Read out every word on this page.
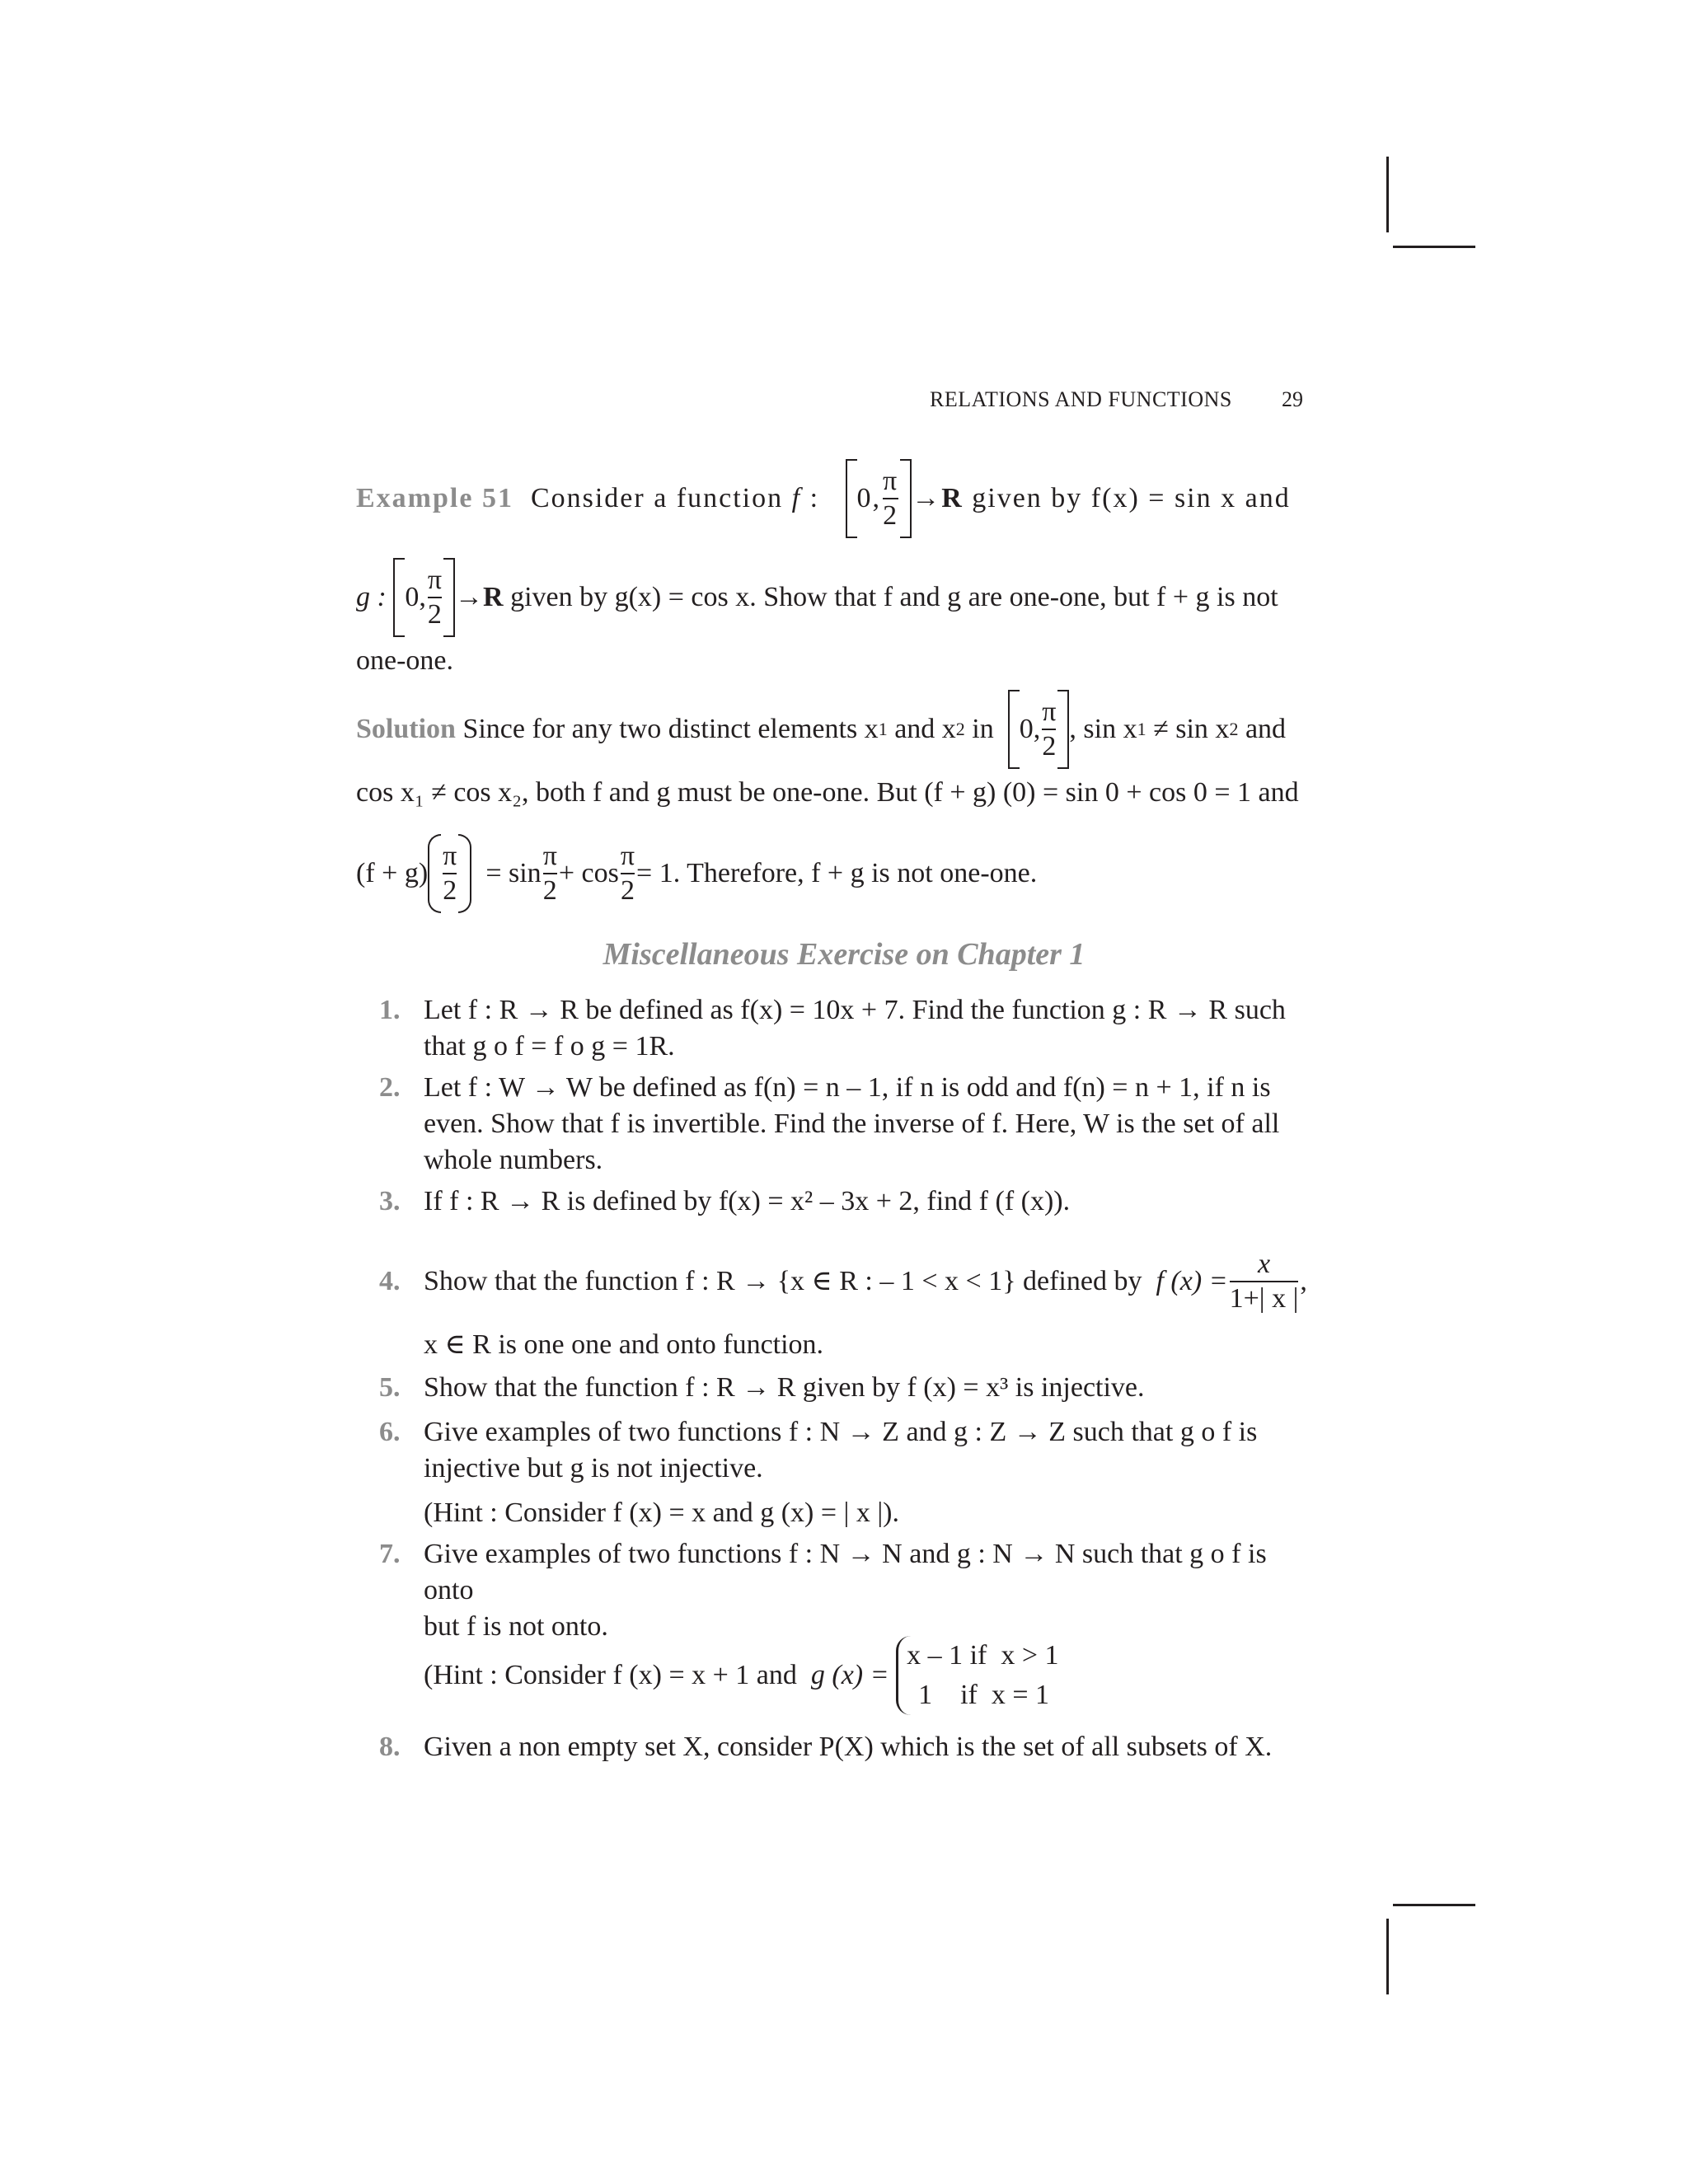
RELATIONS AND FUNCTIONS	29
Example 51
Consider a function
f
:
0, $\frac{\pi}{2} \to R$
given by f(x) = sin x and
g :
0, $\frac{\pi}{2} \to R$
given by g(x) = cos x. Show that f and g are one-one, but f + g is not
one-one.
Solution
Since for any two distinct elements x 1
and x 2
in
0, $\frac{\pi}{2}$ , sin x 1
≠ sin x 2
and
cos x₁ ≠ cos x₂, both f and g must be one-one. But (f + g) (0) = sin 0 + cos 0 = 1 and
$(f + g) \frac{\pi}{2}$
= $\sin \frac{\pi}{2} + \cos \frac{\pi}{2} = 1$ . Therefore, f + g is not one-one.
Miscellaneous Exercise on Chapter 1
1. Let f : R → R be defined as f(x) = 10x + 7. Find the function g : R → R such
that g o f = f o g = 1R.
2. Let f : W → W be defined as f(n) = n – 1, if n is odd and f(n) = n + 1, if n is
even. Show that f is invertible. Find the inverse of f. Here, W is the set of all
whole numbers.
3. If f : R → R is defined by f(x) = x² – 3x + 2, find f (f (x)).
4. Show that the function f : R → {x ∈ R : – 1 < x < 1} defined by
f $(x) = \frac{x}{1+| x |}$ ,
x ∈ R is one one and onto function.
5. Show that the function f : R → R given by f (x) = x³ is injective.
6. Give examples of two functions f : N → Z and g : Z → Z such that g o f is
injective but g is not injective.
(Hint : Consider f (x) = x and g (x) = | x |).
7. Give examples of two functions f : N → N and g : N → N such that g o f is onto
but f is not onto.
(Hint : Consider f (x) = x + 1 and
g (x) =

x – 1 if  x > 1
1    if  x = 1
8. Given a non empty set X, consider P(X) which is the set of all subsets of X.
